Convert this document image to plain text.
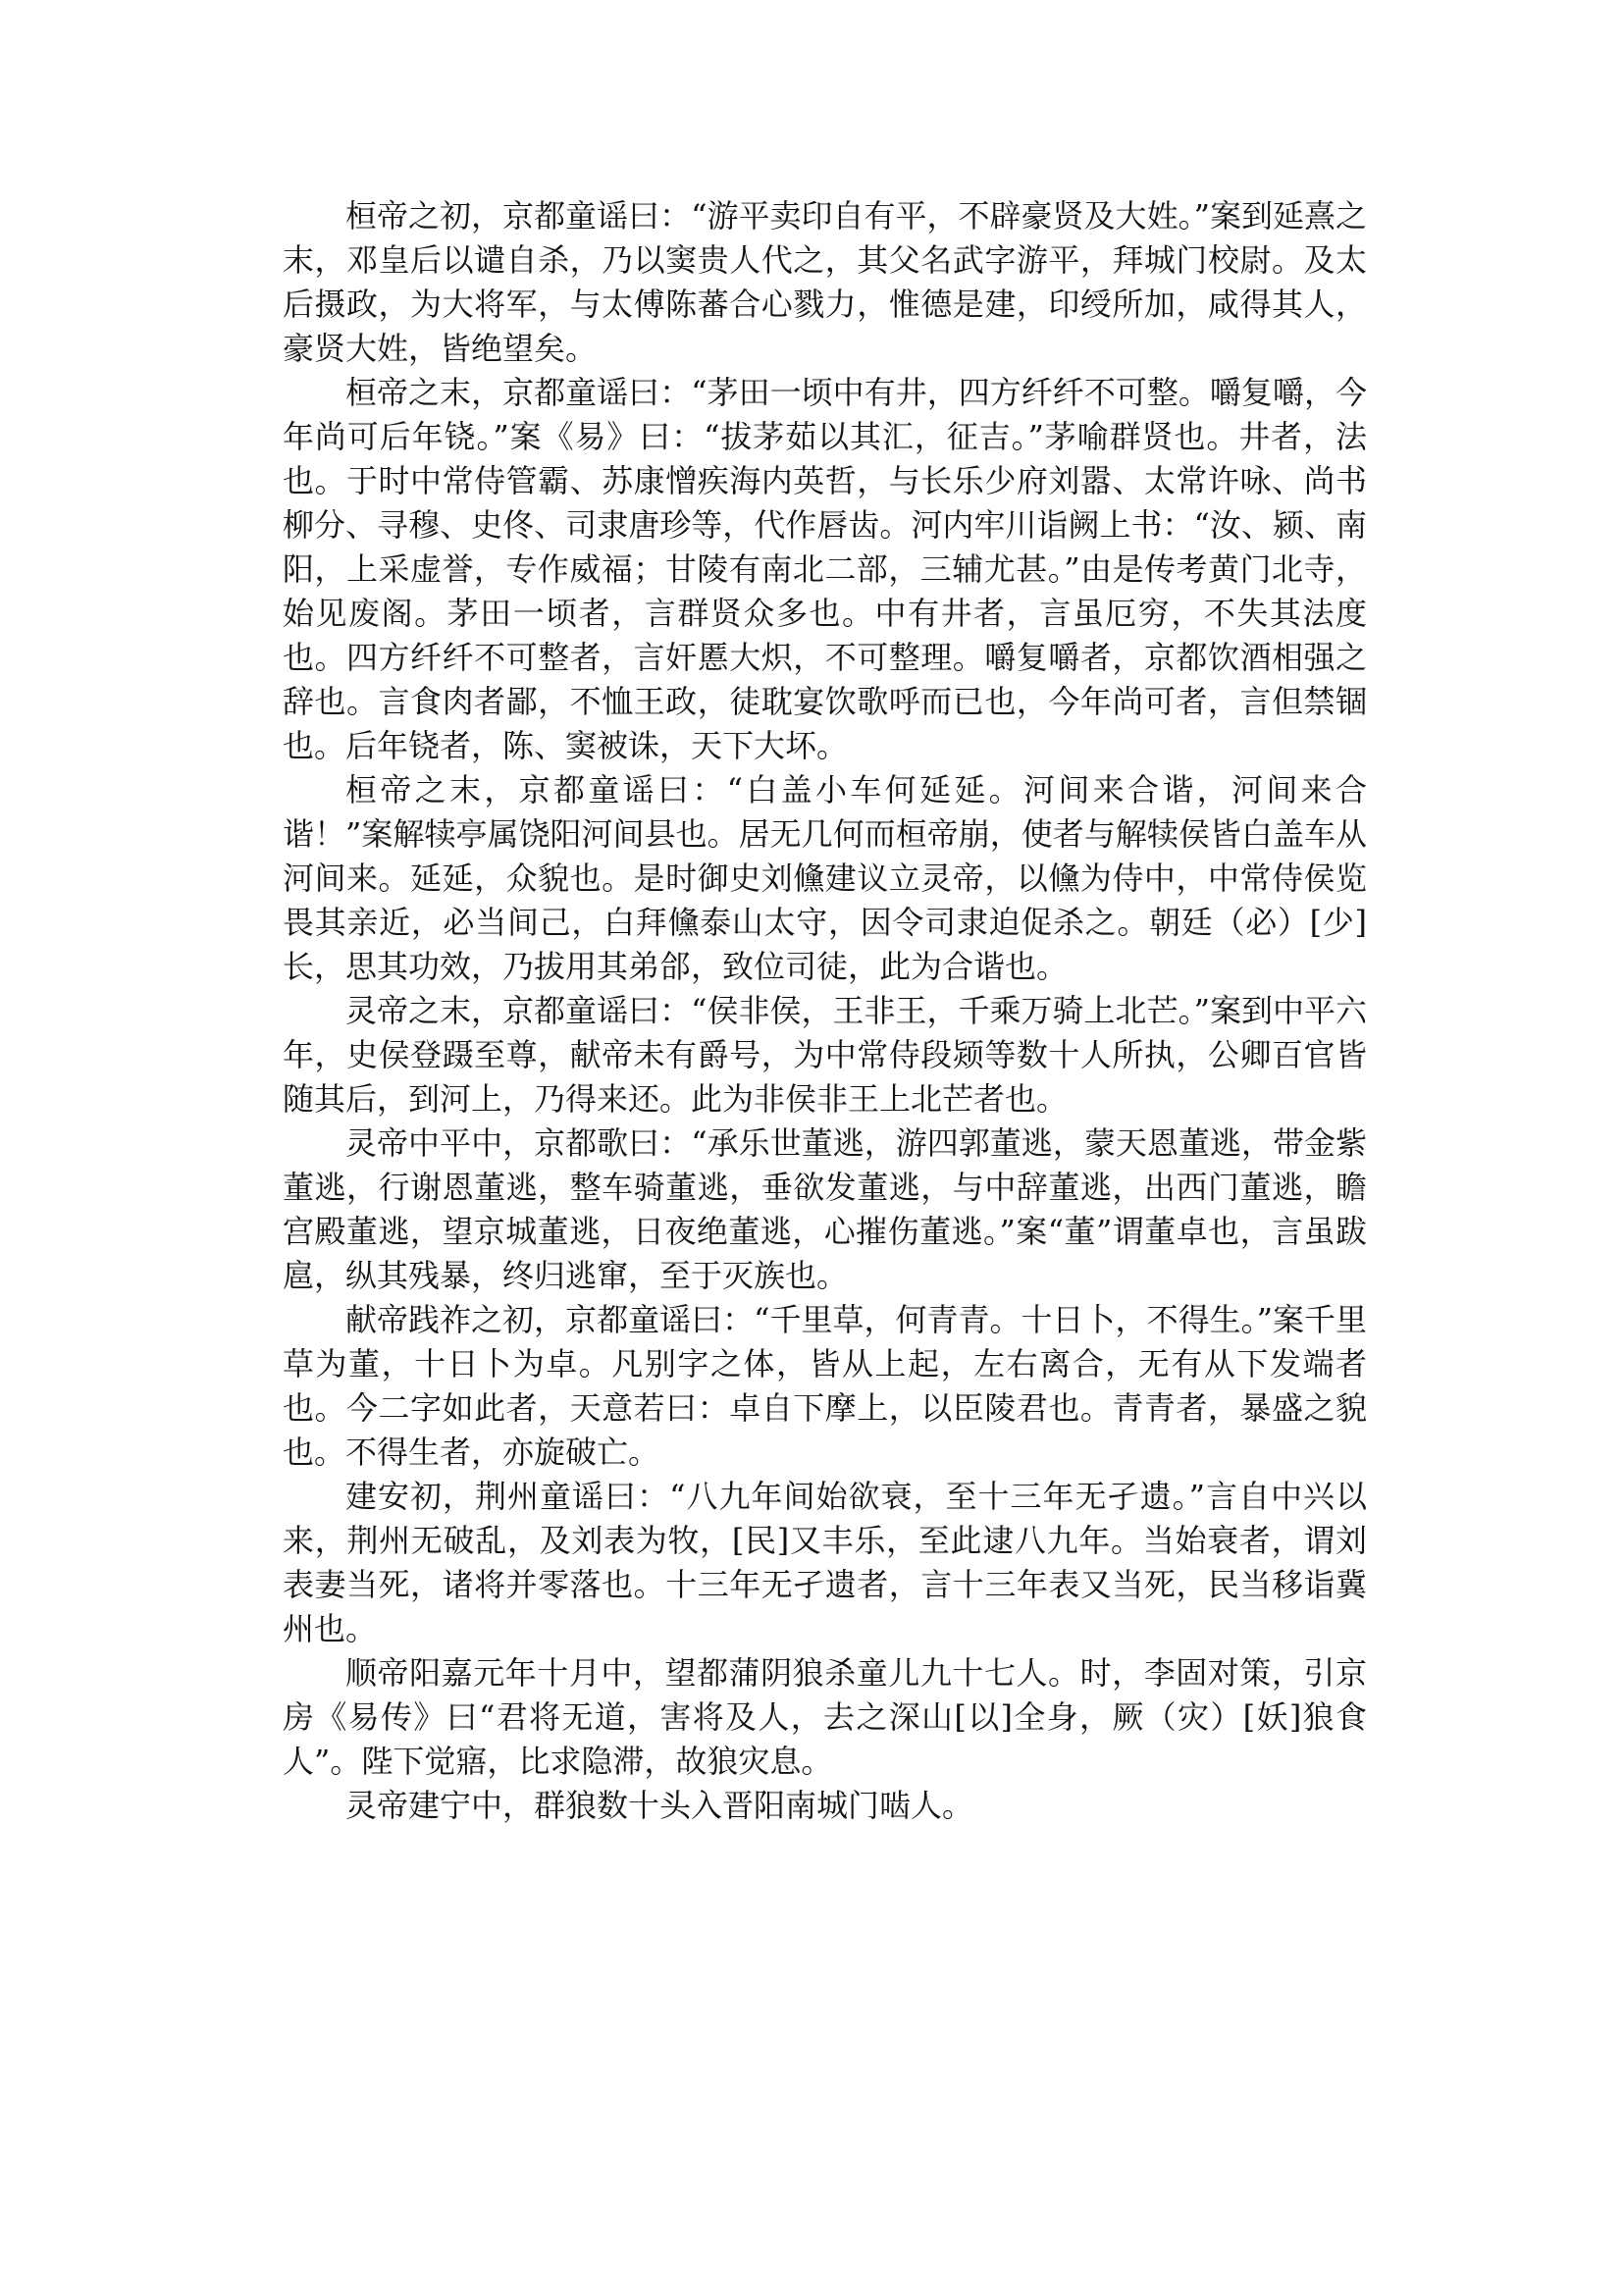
桓帝之初，京都童谣曰：“游平卖印自有平，不辟豪贤及大姓。”案到延熹之末，邓皇后以谴自杀，乃以窦贵人代之，其父名武字游平，拜城门校尉。及太后摄政，为大将军，与太傅陈蕃合心戮力，惟德是建，印绶所加，咸得其人，豪贤大姓，皆绝望矣。

桓帝之末，京都童谣曰：“茅田一顷中有井，四方纤纤不可整。嚼复嚼，今年尚可后年铙。”案《易》曰：“拔茅茹以其汇，征吉。”茅喻群贤也。井者，法也。于时中常侍管霸、苏康憎疾海内英哲，与长乐少府刘嚣、太常许咏、尚书柳分、寻穆、史佟、司隶唐珍等，代作唇齿。河内牢川诣阙上书：“汝、颍、南阳，上采虚誉，专作威福；甘陵有南北二部，三辅尤甚。”由是传考黄门北寺，始见废阁。茅田一顷者，言群贤众多也。中有井者，言虽厄穷，不失其法度也。四方纤纤不可整者，言奸慝大炽，不可整理。嚼复嚼者，京都饮酒相强之辞也。言食肉者鄙，不恤王政，徒耽宴饮歌呼而已也，今年尚可者，言但禁锢也。后年铙者，陈、窦被诛，天下大坏。

桓帝之末，京都童谣曰：“白盖小车何延延。河间来合谐，河间来合谐！”案解犊亭属饶阳河间县也。居无几何而桓帝崩，使者与解犊侯皆白盖车从河间来。延延，众貌也。是时御史刘儵建议立灵帝，以儵为侍中，中常侍侯览畏其亲近，必当间己，白拜儵泰山太守，因令司隶迫促杀之。朝廷（必）[少]长，思其功效，乃拔用其弟郃，致位司徒，此为合谐也。

灵帝之末，京都童谣曰：“侯非侯，王非王，千乘万骑上北芒。”案到中平六年，史侯登蹑至尊，献帝未有爵号，为中常侍段颎等数十人所执，公卿百官皆随其后，到河上，乃得来还。此为非侯非王上北芒者也。

灵帝中平中，京都歌曰：“承乐世董逃，游四郭董逃，蒙天恩董逃，带金紫董逃，行谢恩董逃，整车骑董逃，垂欲发董逃，与中辞董逃，出西门董逃，瞻宫殿董逃，望京城董逃，日夜绝董逃，心摧伤董逃。”案“董”谓董卓也，言虽跋扈，纵其残暴，终归逃窜，至于灭族也。

献帝践祚之初，京都童谣曰：“千里草，何青青。十日卜，不得生。”案千里草为董，十日卜为卓。凡别字之体，皆从上起，左右离合，无有从下发端者也。今二字如此者，天意若曰：卓自下摩上，以臣陵君也。青青者，暴盛之貌也。不得生者，亦旋破亡。

建安初，荆州童谣曰：“八九年间始欲衰，至十三年无孑遗。”言自中兴以来，荆州无破乱，及刘表为牧，[民]又丰乐，至此逮八九年。当始衰者，谓刘表妻当死，诸将并零落也。十三年无孑遗者，言十三年表又当死，民当移诣冀州也。

顺帝阳嘉元年十月中，望都蒲阴狼杀童儿九十七人。时，李固对策，引京房《易传》曰“君将无道，害将及人，去之深山[以]全身，厥（灾）[妖]狼食人”。陛下觉寤，比求隐滞，故狼灾息。

灵帝建宁中，群狼数十头入晋阳南城门啮人。
